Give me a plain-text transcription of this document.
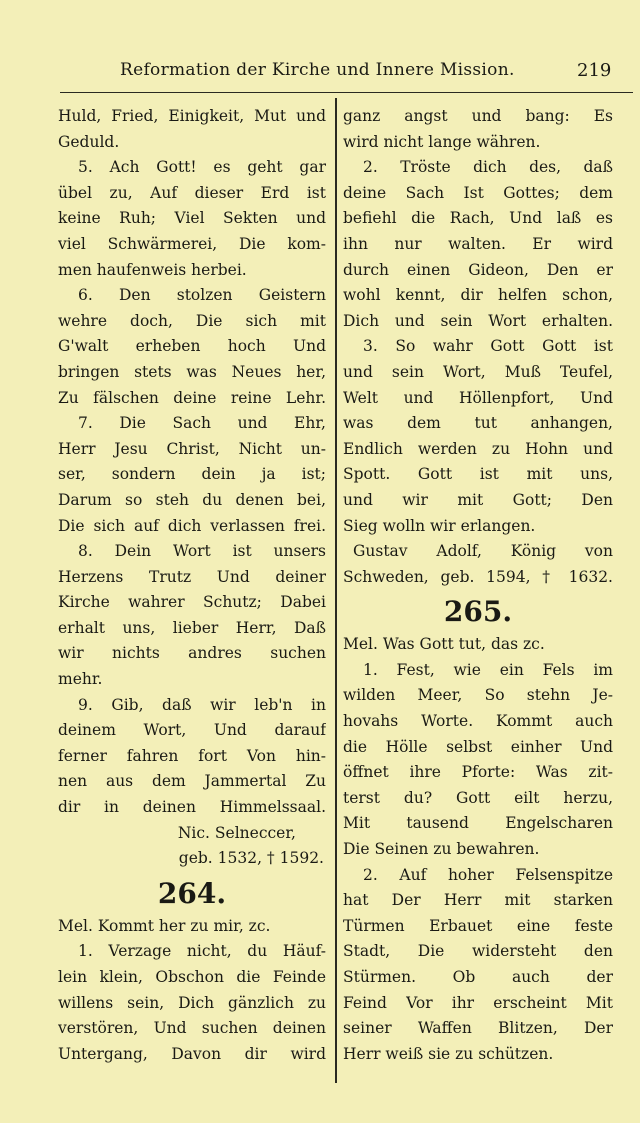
Reformation der Kirche und Innere Mission.	219
Huld, Fried, Einigkeit, Mut und
Geduld.
5. Ach Gott! es geht gar
übel zu, Auf dieser Erd ist
keine Ruh; Viel Sekten und
viel Schwärmerei, Die kom-
men haufenweis herbei.
6. Den stolzen Geistern
wehre doch, Die sich mit
G'walt erheben hoch Und
bringen stets was Neues her,
Zu fälschen deine reine Lehr.
7. Die Sach und Ehr,
Herr Jesu Christ, Nicht un-
ser, sondern dein ja ist;
Darum so steh du denen bei,
Die sich auf dich verlassen frei.
8. Dein Wort ist unsers
Herzens Trutz Und deiner
Kirche wahrer Schutz; Dabei
erhalt uns, lieber Herr, Daß
wir nichts andres suchen
mehr.
9. Gib, daß wir leb'n in
deinem Wort, Und darauf
ferner fahren fort Von hin-
nen aus dem Jammertal Zu
dir in deinen Himmelssaal.
Nic. Selneccer,
geb. 1532, † 1592.
264.
Mel. Kommt her zu mir, zc.
1. Verzage nicht, du Häuf-
lein klein, Obschon die Feinde
willens sein, Dich gänzlich zu
verstören, Und suchen deinen
Untergang, Davon dir wird
ganz angst und bang: Es
wird nicht lange währen.
2. Tröste dich des, daß
deine Sach Ist Gottes; dem
befiehl die Rach, Und laß es
ihn nur walten. Er wird
durch einen Gideon, Den er
wohl kennt, dir helfen schon,
Dich und sein Wort erhalten.
3. So wahr Gott Gott ist
und sein Wort, Muß Teufel,
Welt und Höllenpfort, Und
was dem tut anhangen,
Endlich werden zu Hohn und
Spott. Gott ist mit uns,
und wir mit Gott; Den
Sieg wolln wir erlangen.
Gustav Adolf, König von
Schweden, geb. 1594, † 1632.
265.
Mel. Was Gott tut, das zc.
1. Fest, wie ein Fels im
wilden Meer, So stehn Je-
hovahs Worte. Kommt auch
die Hölle selbst einher Und
öffnet ihre Pforte: Was zit-
terst du? Gott eilt herzu,
Mit tausend Engelscharen
Die Seinen zu bewahren.
2. Auf hoher Felsenspitze
hat Der Herr mit starken
Türmen Erbauet eine feste
Stadt, Die widersteht den
Stürmen. Ob auch der
Feind Vor ihr erscheint Mit
seiner Waffen Blitzen, Der
Herr weiß sie zu schützen.
